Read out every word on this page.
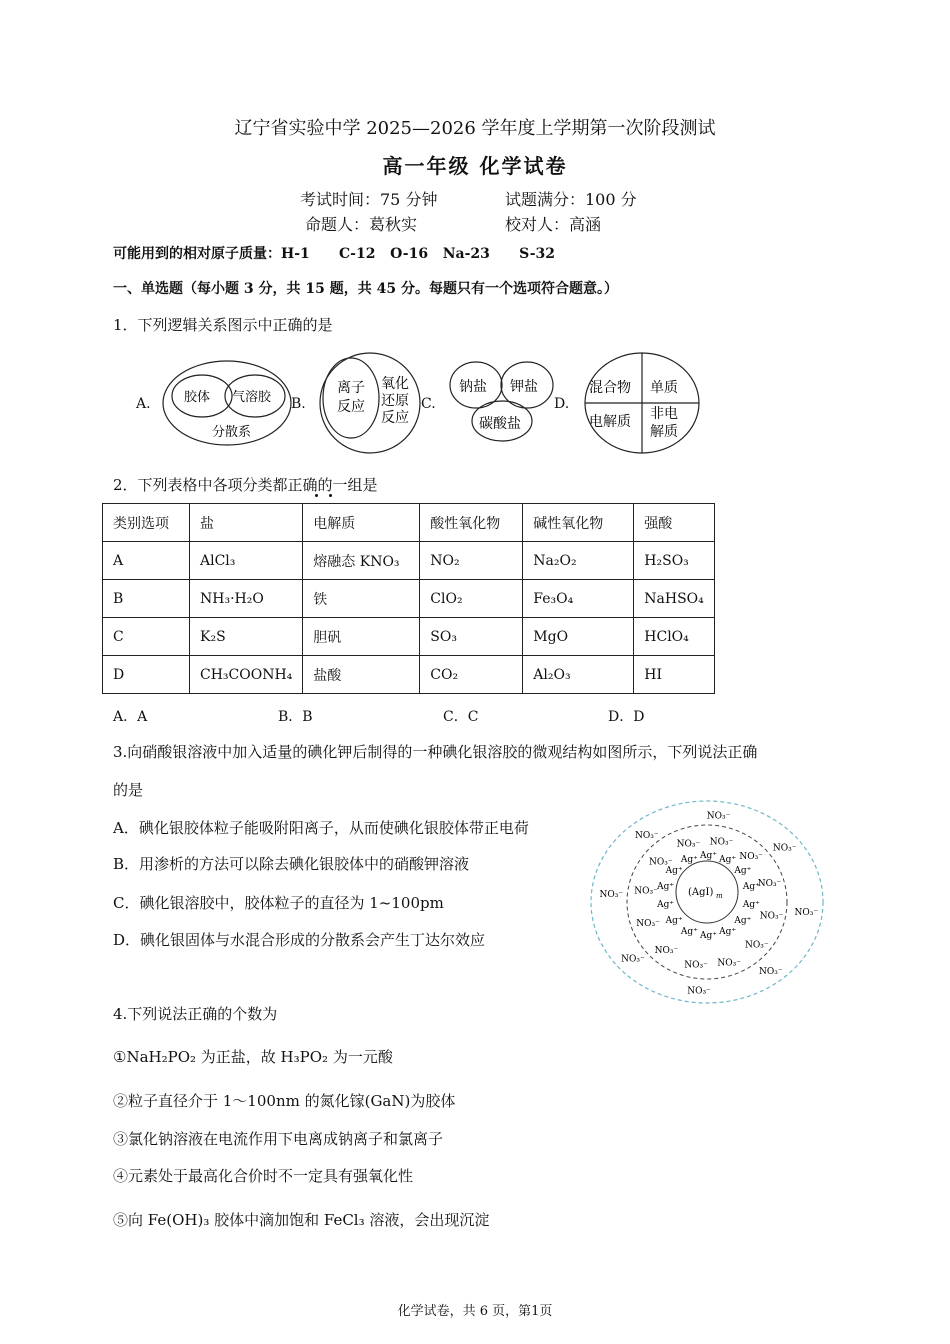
辽宁省实验中学 2025—2026 学年度上学期第一次阶段测试
高一年级 化学试卷
考试时间：75 分钟	试题满分：100 分
命题人：葛秋实	校对人：高涵
可能用到的相对原子质量：H-1      C-12   O-16   Na-23      S-32
一、单选题（每小题 3 分，共 15 题，共 45 分。每题只有一个选项符合题意。）
1．下列逻辑关系图示中正确的是
A.	胶体 气溶胶
分散系
B.
离子
反应
氧化
还原
反应
C.
钠盐 钾盐
碳酸盐
D.
混合物 单质
电解质 非电
解质
2．下列表格中各项分类都正确的一组是
类别选项	盐	电解质	酸性氧化物	碱性氧化物	强酸
A	AlCl₃	熔融态 KNO₃	NO₂	Na₂O₂	H₂SO₃
B	NH₃·H₂O	铁	ClO₂	Fe₃O₄	NaHSO₄
C	K₂S	胆矾	SO₃	MgO	HClO₄
D	CH₃COONH₄	盐酸	CO₂	Al₂O₃	HI
A．A	B．B	C．C	D．D
3.向硝酸银溶液中加入适量的碘化钾后制得的一种碘化银溶胶的微观结构如图所示，下列说法正确
的是
A．碘化银胶体粒子能吸附阳离子，从而使碘化银胶体带正电荷
B．用渗析的方法可以除去碘化银胶体中的硝酸钾溶液
C．碘化银溶胶中，胶体粒子的直径为 1~100pm
D．碘化银固体与水混合形成的分散系会产生丁达尔效应
(AgI) m
Ag⁺ Ag⁺
Ag⁺
Ag⁺
Ag⁺
Ag⁺
Ag⁺
Ag⁺
Ag⁺
Ag⁺
Ag⁺
Ag⁺
Ag⁺
Ag⁺
NO₃⁻
NO₃⁻
NO₃⁻
NO₃⁻
NO₃⁻
NO₃⁻
NO₃⁻
NO₃⁻
NO₃⁻
NO₃⁻
NO₃⁻
NO₃⁻
NO₃⁻
NO₃⁻
NO₃⁻
NO₃⁻
NO₃⁻
NO₃⁻
NO₃⁻
NO₃⁻
4.下列说法正确的个数为
①NaH₂PO₂ 为正盐，故 H₃PO₂ 为一元酸
②粒子直径介于 1～100nm 的氮化镓(GaN)为胶体
③氯化钠溶液在电流作用下电离成钠离子和氯离子
④元素处于最高化合价时不一定具有强氧化性
⑤向 Fe(OH)₃ 胶体中滴加饱和 FeCl₃ 溶液，会出现沉淀
化学试卷，共 6 页，第1页
